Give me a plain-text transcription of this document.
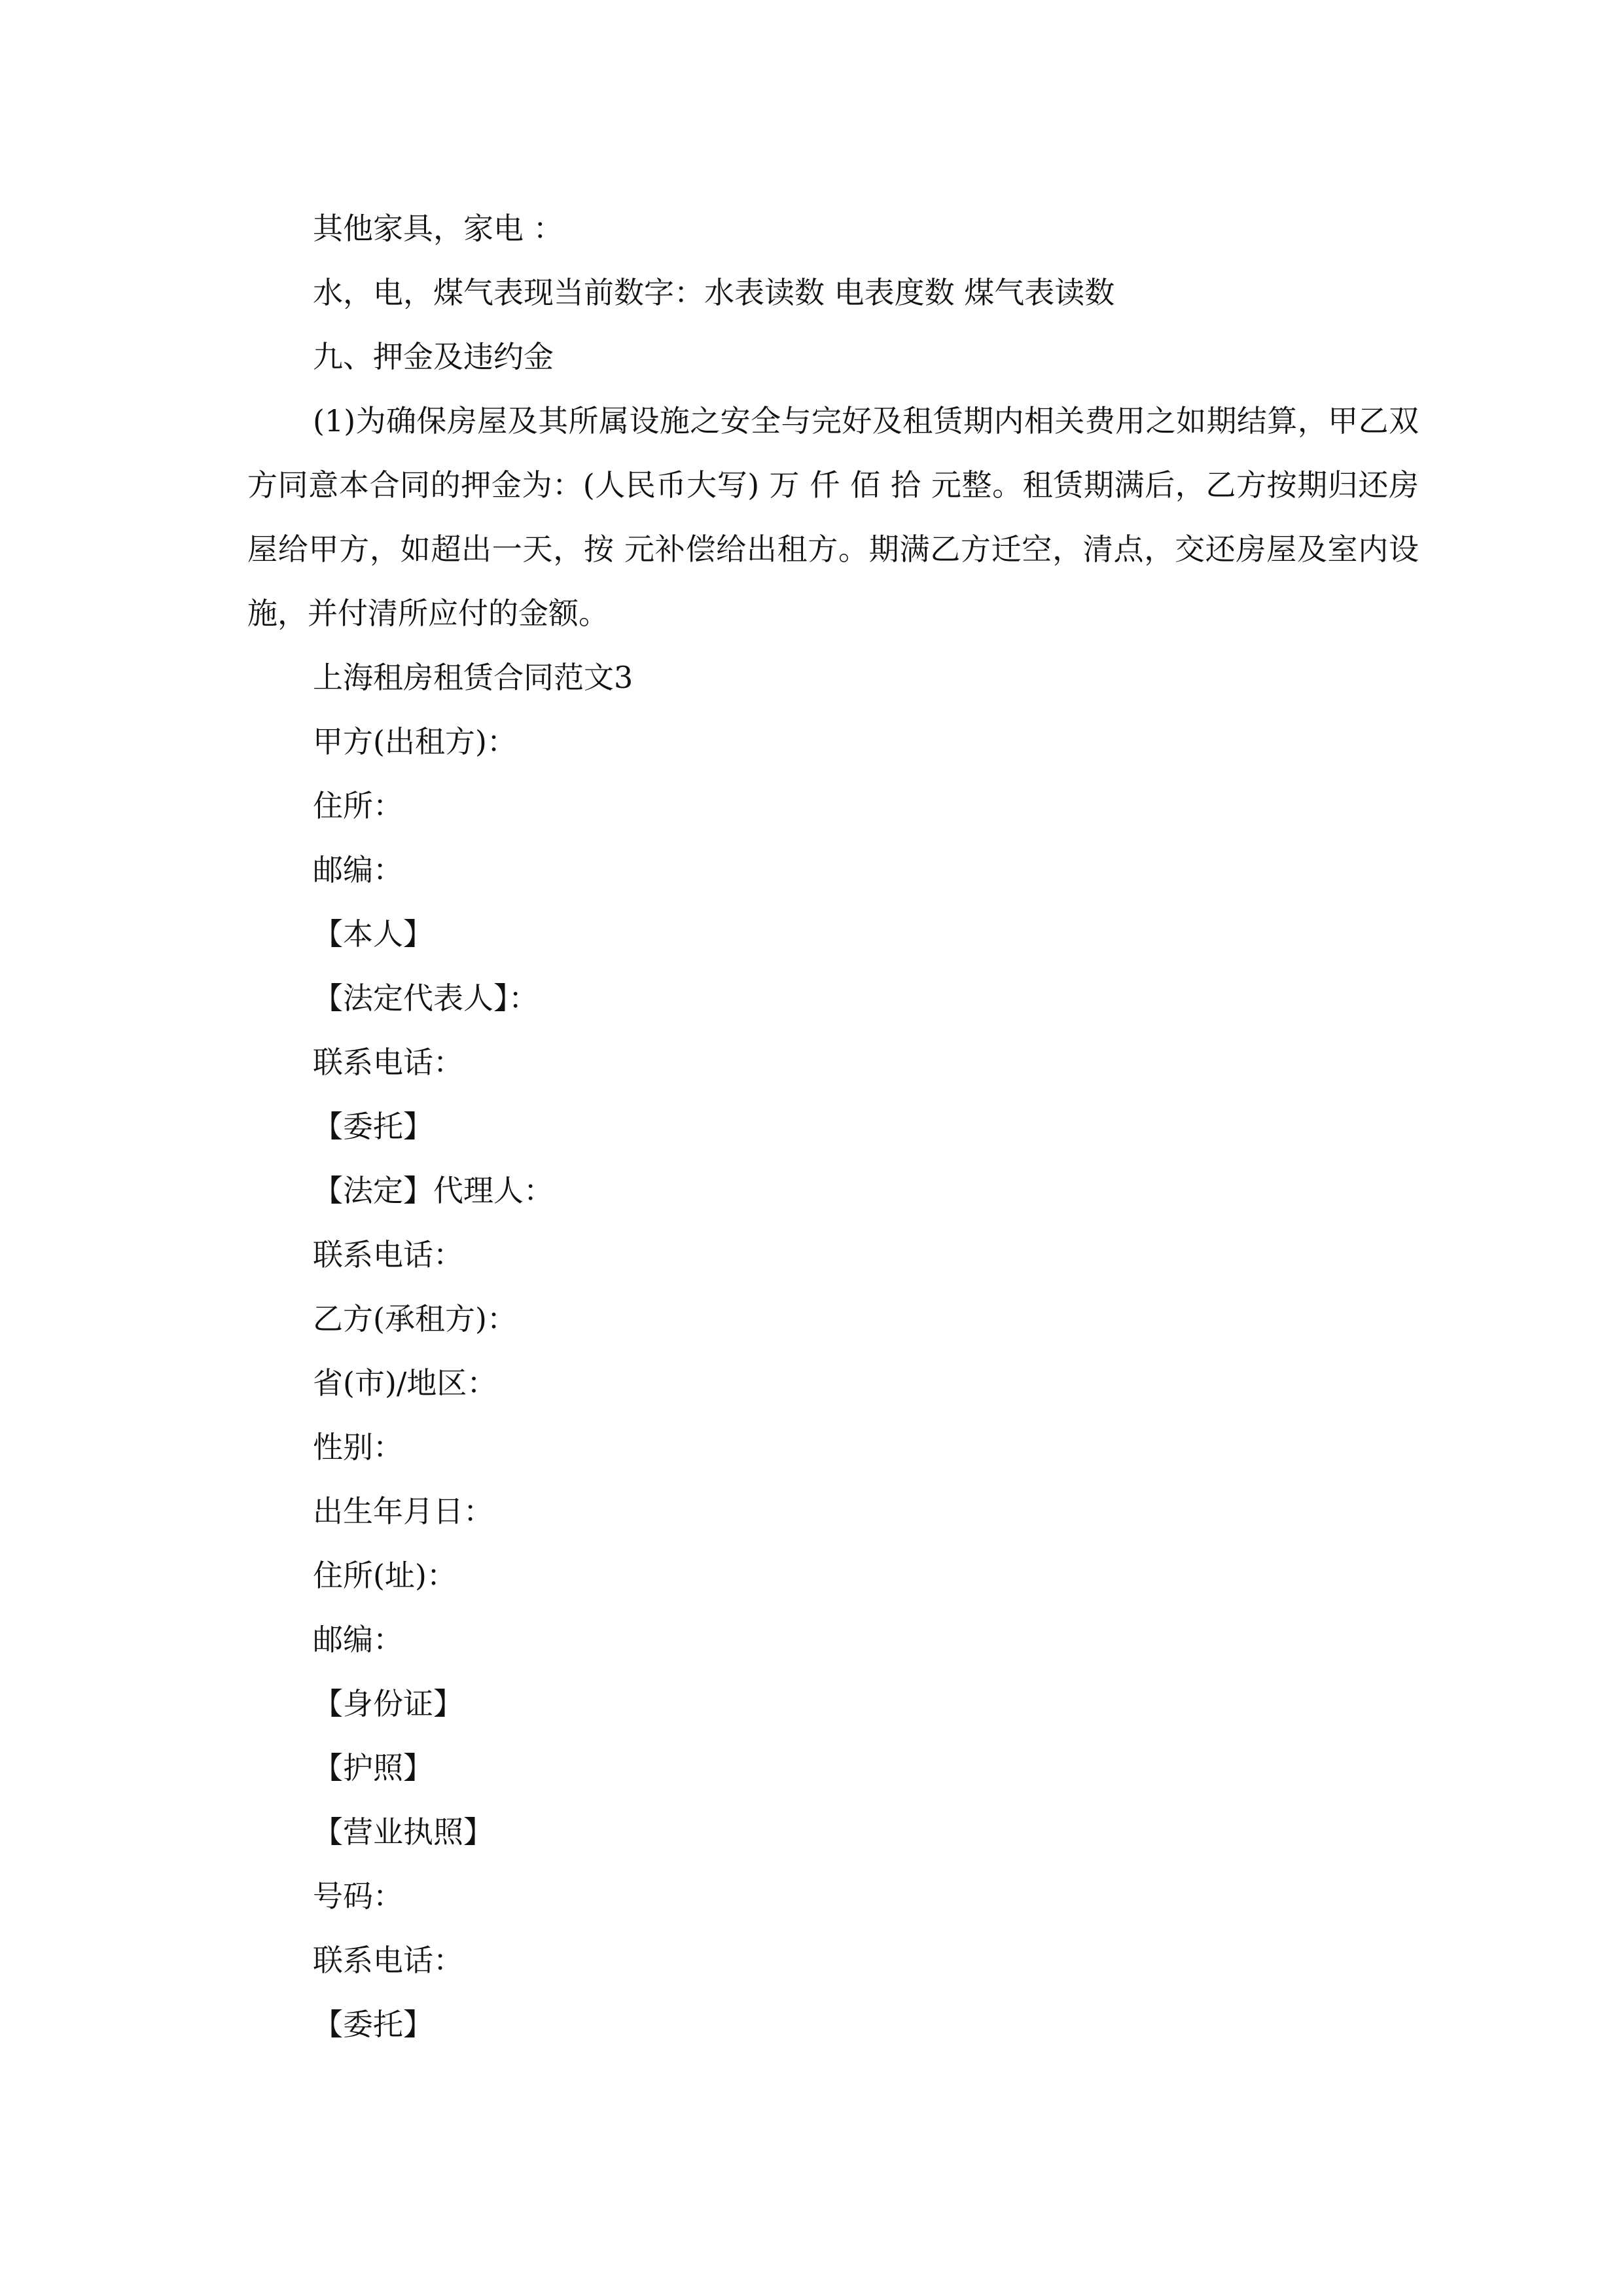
其他家具，家电 ：
水，电，煤气表现当前数字：水表读数 电表度数 煤气表读数
九、押金及违约金
(1)为确保房屋及其所属设施之安全与完好及租赁期内相关费用之如期结算，甲乙双方同意本合同的押金为：(人民币大写) 万 仟 佰 拾 元整。租赁期满后，乙方按期归还房屋给甲方，如超出一天，按 元补偿给出租方。期满乙方迁空，清点，交还房屋及室内设施，并付清所应付的金额。
上海租房租赁合同范文3
甲方(出租方)：
住所：
邮编：
【本人】
【法定代表人】：
联系电话：
【委托】
【法定】代理人：
联系电话：
乙方(承租方)：
省(市)/地区：
性别：
出生年月日：
住所(址)：
邮编：
【身份证】
【护照】
【营业执照】
号码：
联系电话：
【委托】
